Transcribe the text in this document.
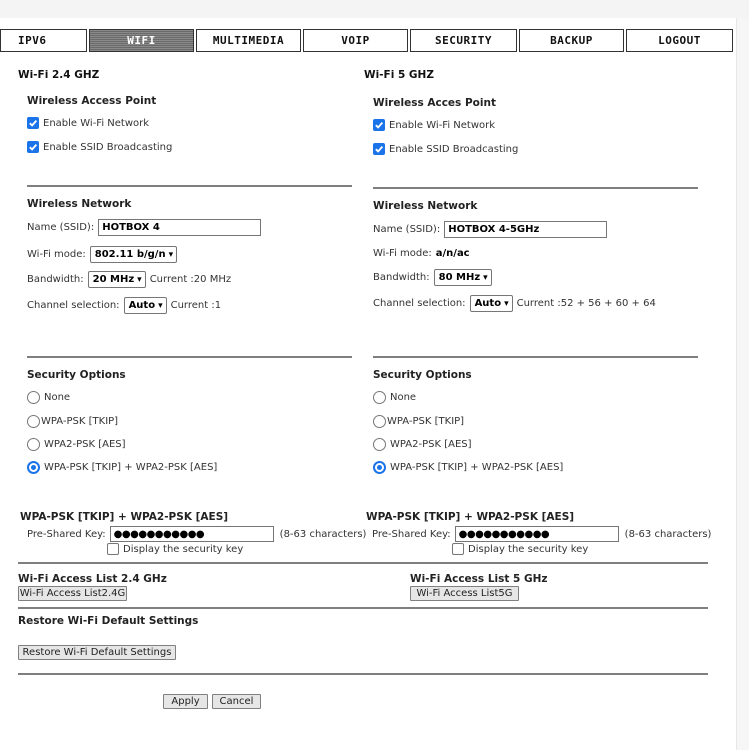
IPV6	WIFI	MULTIMEDIA	VOIP	SECURITY	BACKUP	LOGOUT
Wi-Fi 2.4 GHZ
Wireless Access Point
Enable Wi-Fi Network
Enable SSID Broadcasting
Wireless Network
Name (SSID): HOTBOX 4
Wi-Fi mode: 802.11 b/g/n ▾
Bandwidth: 20 MHz ▾ Current :20 MHz
Channel selection: Auto ▾ Current :1
Security Options
None
WPA-PSK [TKIP]
WPA2-PSK [AES]
WPA-PSK [TKIP] + WPA2-PSK [AES]
WPA-PSK [TKIP] + WPA2-PSK [AES]
Pre-Shared Key: ●●●●●●●●●●●	(8-63 characters)
Display the security key
Wi-Fi 5 GHZ
Wireless Acces Point
Enable Wi-Fi Network
Enable SSID Broadcasting
Wireless Network
Name (SSID): HOTBOX 4-5GHz
Wi-Fi mode: a/n/ac
Bandwidth: 80 MHz ▾
Channel selection: Auto ▾ Current :52 + 56 + 60 + 64
Security Options
None
WPA-PSK [TKIP]
WPA2-PSK [AES]
WPA-PSK [TKIP] + WPA2-PSK [AES]
WPA-PSK [TKIP] + WPA2-PSK [AES]
Pre-Shared Key: ●●●●●●●●●●●	(8-63 characters)
Display the security key
Wi-Fi Access List 2.4 GHz
Wi-Fi Access List2.4G
Wi-Fi Access List 5 GHz
Wi-Fi Access List5G
Restore Wi-Fi Default Settings
Restore Wi-Fi Default Settings
Apply	Cancel
